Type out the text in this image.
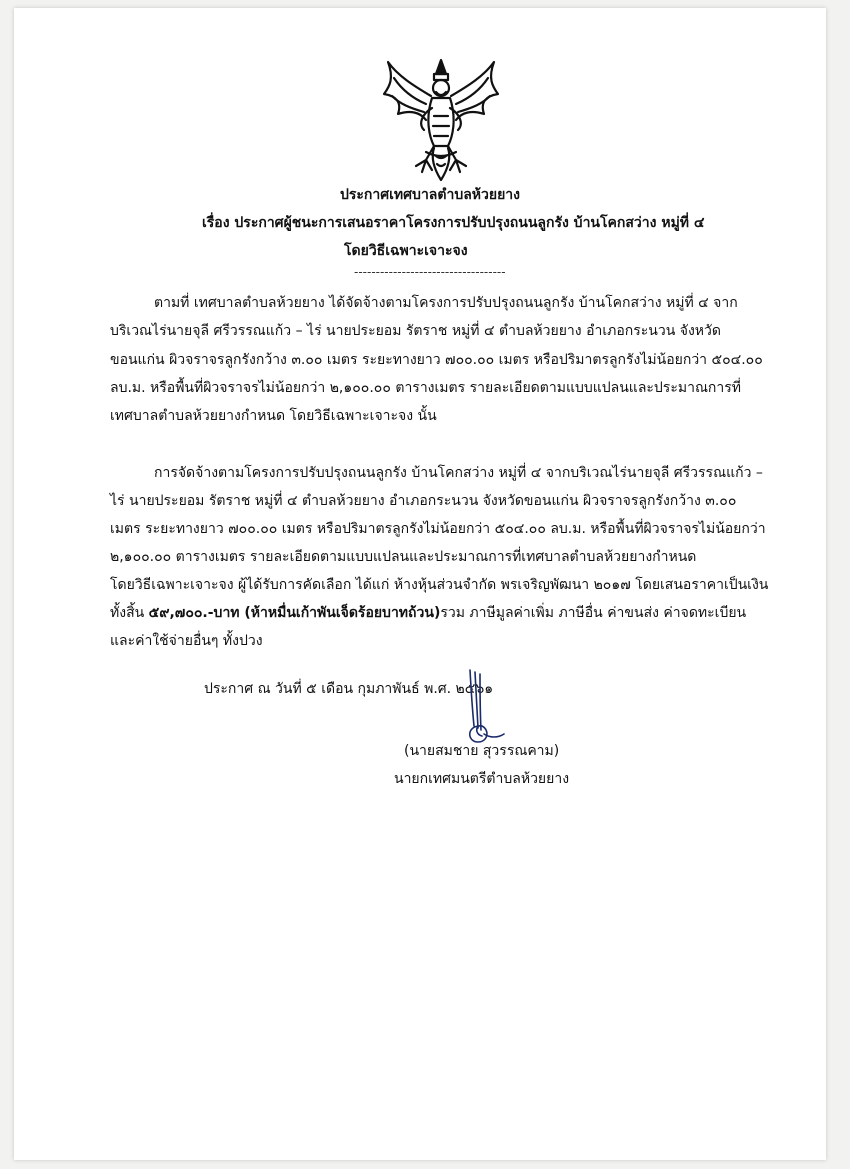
ประกาศเทศบาลตำบลห้วยยาง
เรื่อง ประกาศผู้ชนะการเสนอราคาโครงการปรับปรุงถนนลูกรัง บ้านโคกสว่าง หมู่ที่ ๔
โดยวิธีเฉพาะเจาะจง
-----------------------------------
ตามที่ เทศบาลตำบลห้วยยาง ได้จัดจ้างตามโครงการปรับปรุงถนนลูกรัง บ้านโคกสว่าง หมู่ที่ ๔ จาก
บริเวณไร่นายจุลี ศรีวรรณแก้ว – ไร่ นายประยอม รัตราช หมู่ที่ ๔ ตำบลห้วยยาง อำเภอกระนวน จังหวัด
ขอนแก่น ผิวจราจรลูกรังกว้าง ๓.๐๐ เมตร ระยะทางยาว ๗๐๐.๐๐ เมตร หรือปริมาตรลูกรังไม่น้อยกว่า ๕๐๔.๐๐
ลบ.ม. หรือพื้นที่ผิวจราจรไม่น้อยกว่า ๒,๑๐๐.๐๐ ตารางเมตร รายละเอียดตามแบบแปลนและประมาณการที่
เทศบาลตำบลห้วยยางกำหนด โดยวิธีเฉพาะเจาะจง นั้น
การจัดจ้างตามโครงการปรับปรุงถนนลูกรัง บ้านโคกสว่าง หมู่ที่ ๔ จากบริเวณไร่นายจุลี ศรีวรรณแก้ว –
ไร่ นายประยอม รัตราช หมู่ที่ ๔ ตำบลห้วยยาง อำเภอกระนวน จังหวัดขอนแก่น ผิวจราจรลูกรังกว้าง ๓.๐๐
เมตร ระยะทางยาว ๗๐๐.๐๐ เมตร หรือปริมาตรลูกรังไม่น้อยกว่า ๕๐๔.๐๐ ลบ.ม. หรือพื้นที่ผิวจราจรไม่น้อยกว่า
๒,๑๐๐.๐๐ ตารางเมตร รายละเอียดตามแบบแปลนและประมาณการที่เทศบาลตำบลห้วยยางกำหนด
โดยวิธีเฉพาะเจาะจง ผู้ได้รับการคัดเลือก ได้แก่ ห้างหุ้นส่วนจำกัด พรเจริญพัฒนา ๒๐๑๗ โดยเสนอราคาเป็นเงิน
ทั้งสิ้น ๕๙,๗๐๐.-บาท (ห้าหมื่นเก้าพันเจ็ดร้อยบาทถ้วน)รวม ภาษีมูลค่าเพิ่ม ภาษีอื่น ค่าขนส่ง ค่าจดทะเบียน
และค่าใช้จ่ายอื่นๆ ทั้งปวง
ประกาศ ณ วันที่ ๕ เดือน กุมภาพันธ์ พ.ศ. ๒๕๖๑
(นายสมชาย สุวรรณคาม)
นายกเทศมนตรีตำบลห้วยยาง
